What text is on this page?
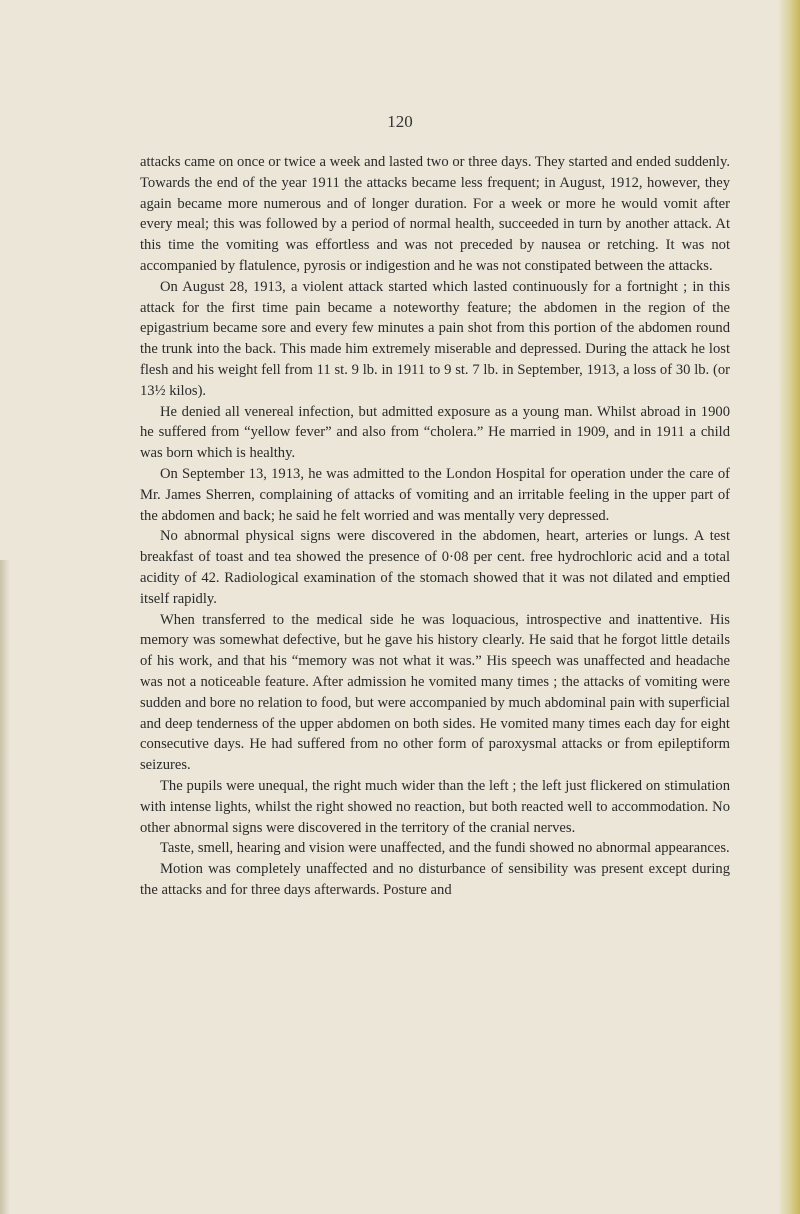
120

attacks came on once or twice a week and lasted two or three days. They started and ended suddenly. Towards the end of the year 1911 the attacks became less frequent; in August, 1912, however, they again became more numerous and of longer duration. For a week or more he would vomit after every meal; this was followed by a period of normal health, succeeded in turn by another attack. At this time the vomiting was effortless and was not preceded by nausea or retching. It was not accompanied by flatulence, pyrosis or indigestion and he was not constipated between the attacks.

On August 28, 1913, a violent attack started which lasted continuously for a fortnight ; in this attack for the first time pain became a noteworthy feature; the abdomen in the region of the epigastrium became sore and every few minutes a pain shot from this portion of the abdomen round the trunk into the back. This made him extremely miserable and depressed. During the attack he lost flesh and his weight fell from 11 st. 9 lb. in 1911 to 9 st. 7 lb. in September, 1913, a loss of 30 lb. (or 13½ kilos).

He denied all venereal infection, but admitted exposure as a young man. Whilst abroad in 1900 he suffered from “yellow fever” and also from “cholera.” He married in 1909, and in 1911 a child was born which is healthy.

On September 13, 1913, he was admitted to the London Hospital for operation under the care of Mr. James Sherren, complaining of attacks of vomiting and an irritable feeling in the upper part of the abdomen and back; he said he felt worried and was mentally very depressed.

No abnormal physical signs were discovered in the abdomen, heart, arteries or lungs. A test breakfast of toast and tea showed the presence of 0·08 per cent. free hydrochloric acid and a total acidity of 42. Radiological examination of the stomach showed that it was not dilated and emptied itself rapidly.

When transferred to the medical side he was loquacious, introspective and inattentive. His memory was somewhat defective, but he gave his history clearly. He said that he forgot little details of his work, and that his “memory was not what it was.” His speech was unaffected and headache was not a noticeable feature. After admission he vomited many times ; the attacks of vomiting were sudden and bore no relation to food, but were accompanied by much abdominal pain with superficial and deep tenderness of the upper abdomen on both sides. He vomited many times each day for eight consecutive days. He had suffered from no other form of paroxysmal attacks or from epileptiform seizures.

The pupils were unequal, the right much wider than the left ; the left just flickered on stimulation with intense lights, whilst the right showed no reaction, but both reacted well to accommodation. No other abnormal signs were discovered in the territory of the cranial nerves.

Taste, smell, hearing and vision were unaffected, and the fundi showed no abnormal appearances.

Motion was completely unaffected and no disturbance of sensibility was present except during the attacks and for three days afterwards. Posture and
